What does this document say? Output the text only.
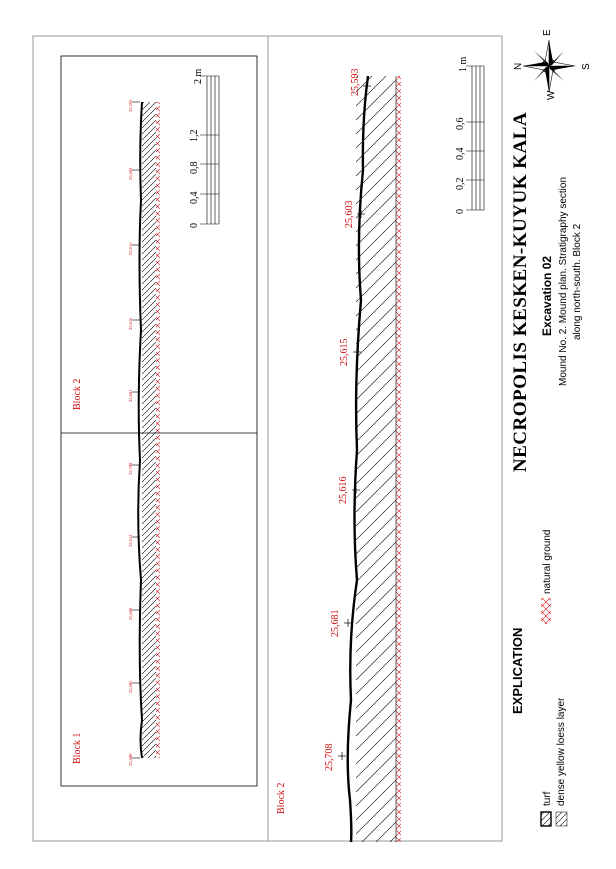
NECROPOLIS KESKEN-KUYUK KALA Excavation 02 Mound No. 2. Mound plan. Stratigraphy section along north-south. Block 2
EXPLICATION
turf dense yellow loess layer
natural ground
N
E
S
W
Block 1
Block 2
Block 2
2 m
1,2
0,8
0,4
0
1 m
0,6
0,4
0,2
0
25,593
25,603
25,615
25,616
25,681
25,708
25,593
25,603
25,615
25,616
25,681
25,708
25,612
25,608
25,605
25,600
